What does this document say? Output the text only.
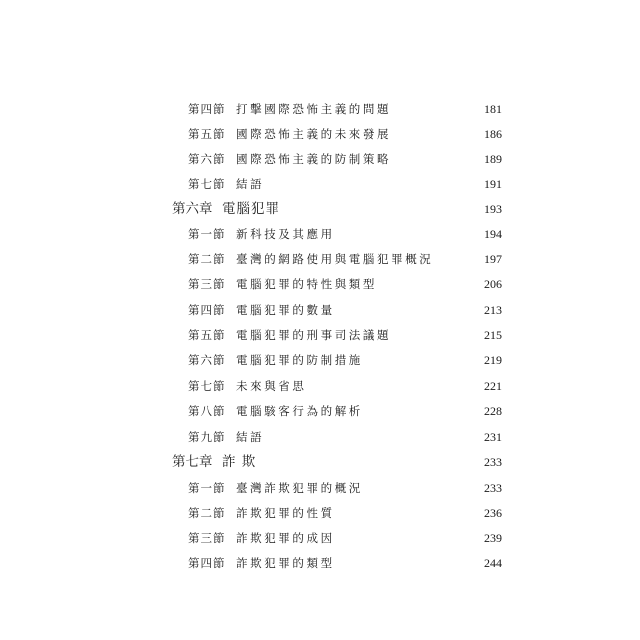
第四節 打擊國際恐怖主義的問題	181
第五節 國際恐怖主義的未來發展	186
第六節 國際恐怖主義的防制策略	189
第七節 結語	191
第六章 電腦犯罪	193
第一節 新科技及其應用	194
第二節 臺灣的網路使用與電腦犯罪概況	197
第三節 電腦犯罪的特性與類型	206
第四節 電腦犯罪的數量	213
第五節 電腦犯罪的刑事司法議題	215
第六節 電腦犯罪的防制措施	219
第七節 未來與省思	221
第八節 電腦駭客行為的解析	228
第九節 結語	231
第七章 詐 欺	233
第一節 臺灣詐欺犯罪的概況	233
第二節 詐欺犯罪的性質	236
第三節 詐欺犯罪的成因	239
第四節 詐欺犯罪的類型	244
